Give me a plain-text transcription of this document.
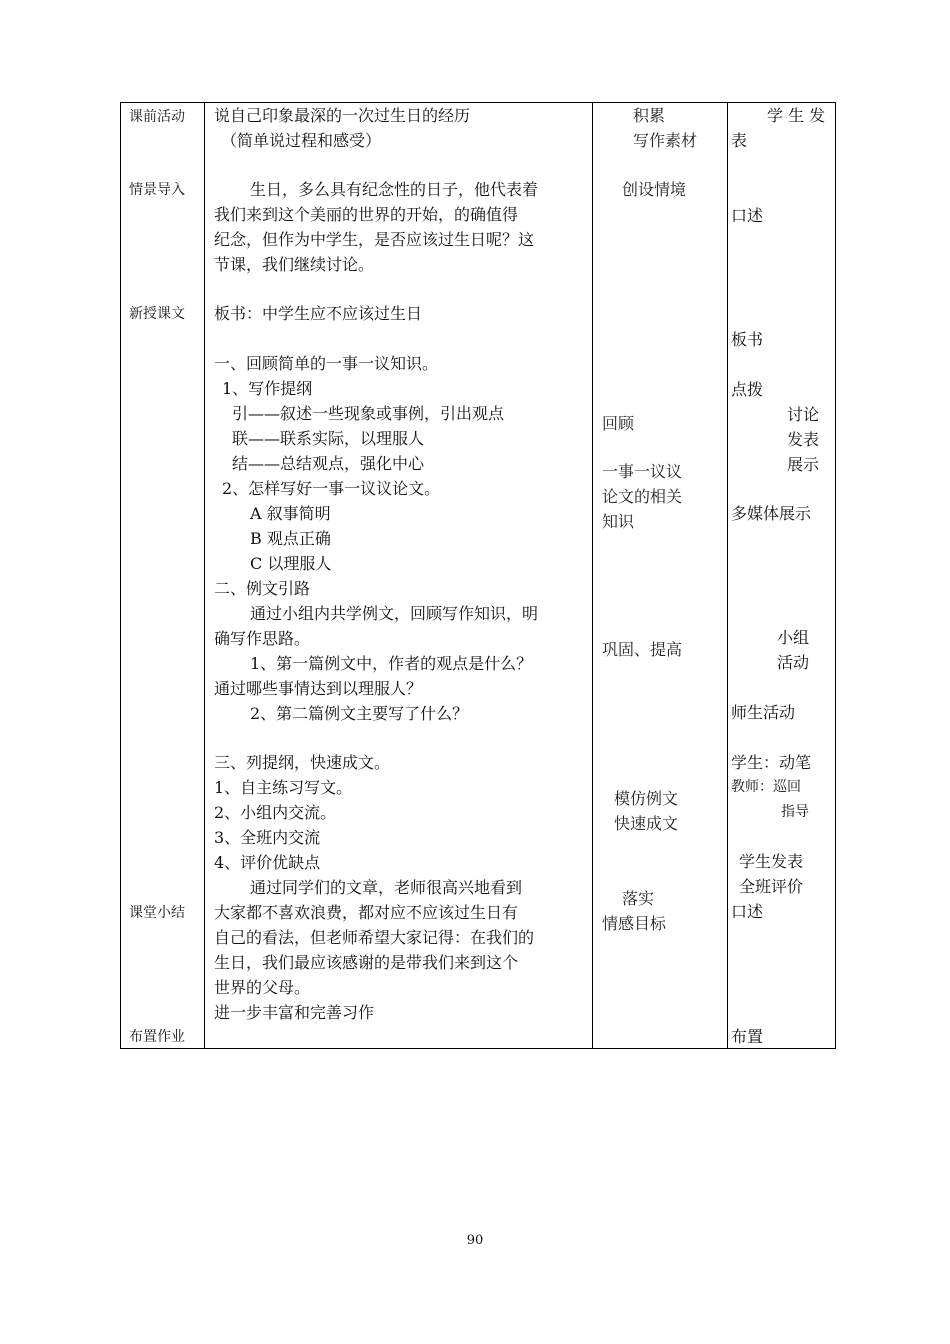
课前活动
情景导入
新授课文
课堂小结
布置作业
说自己印象最深的一次过生日的经历
（简单说过程和感受）
生日，多么具有纪念性的日子，他代表着
我们来到这个美丽的世界的开始，的确值得
纪念，但作为中学生，是否应该过生日呢？这
节课，我们继续讨论。
板书：中学生应不应该过生日
一、回顾简单的一事一议知识。
1、写作提纲
引——叙述一些现象或事例，引出观点
联——联系实际，以理服人
结——总结观点，强化中心
2、怎样写好一事一议议论文。
A 叙事简明
B 观点正确
C 以理服人
二、例文引路
通过小组内共学例文，回顾写作知识，明
确写作思路。
1、第一篇例文中，作者的观点是什么？
通过哪些事情达到以理服人？
2、第二篇例文主要写了什么？
三、列提纲，快速成文。
1、自主练习写文。
2、小组内交流。
3、全班内交流
4、评价优缺点
通过同学们的文章，老师很高兴地看到
大家都不喜欢浪费，都对应不应该过生日有
自己的看法，但老师希望大家记得：在我们的
生日，我们最应该感谢的是带我们来到这个
世界的父母。
进一步丰富和完善习作
积累
写作素材
创设情境
回顾
一事一议议
论文的相关
知识
巩固、提高
模仿例文
快速成文
落实
情感目标
学 生 发
表
口述
板书
点拨
讨论
发表
展示
多媒体展示
小组
活动
师生活动
学生：动笔
教师：巡回
指导
学生发表
全班评价
口述
布置
90
